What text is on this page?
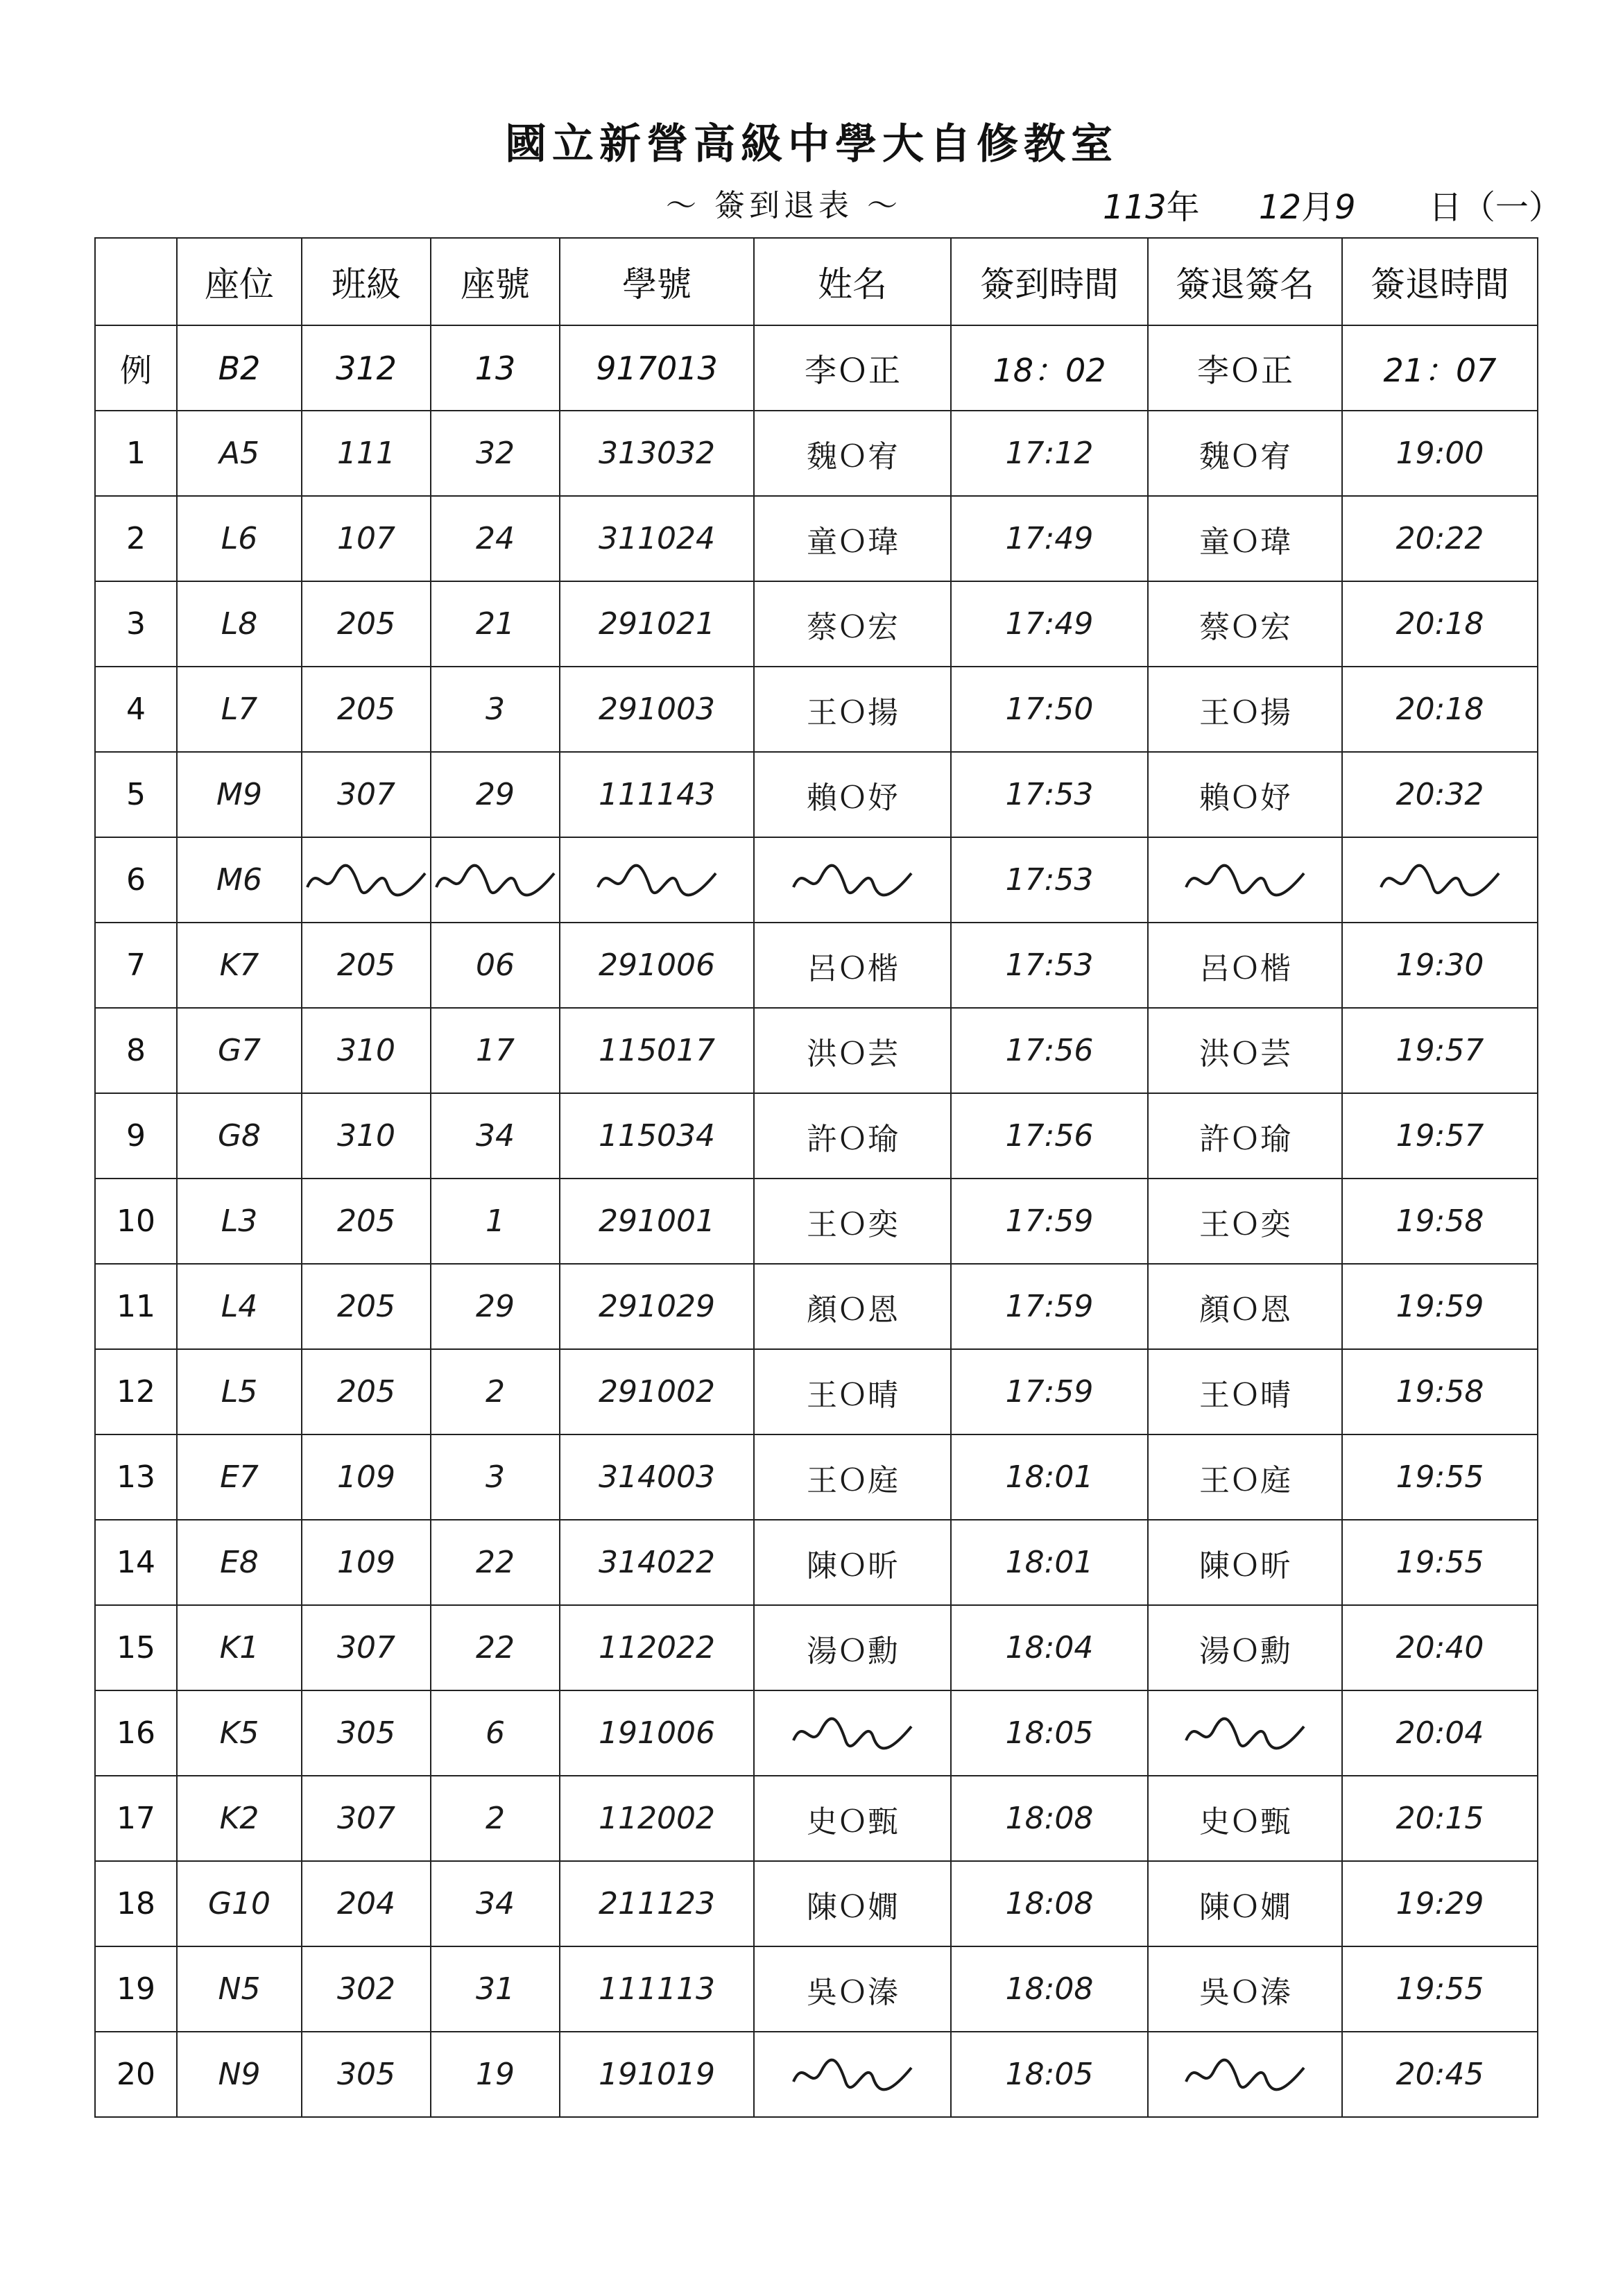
國立新營高級中學大自修教室
～ 簽到退表 ～	113年 12月9 日（一）
	座位	班級	座號	學號	姓名	簽到時間	簽退簽名	簽退時間
例	B2	312	13	917013	李Ｏ正	18：02	李Ｏ正	21：07
1	A5	111	32	313032	魏Ｏ宥	17:12	魏Ｏ宥	19:00
2	L6	107	24	311024	童Ｏ瑋	17:49	童Ｏ瑋	20:22
3	L8	205	21	291021	蔡Ｏ宏	17:49	蔡Ｏ宏	20:18
4	L7	205	3	291003	王Ｏ揚	17:50	王Ｏ揚	20:18
5	M9	307	29	111143	賴Ｏ妤	17:53	賴Ｏ妤	20:32
6	M6					17:53	

7	K7	205	06	291006	呂Ｏ楷	17:53	呂Ｏ楷	19:30
8	G7	310	17	115017	洪Ｏ芸	17:56	洪Ｏ芸	19:57
9	G8	310	34	115034	許Ｏ瑜	17:56	許Ｏ瑜	19:57
10	L3	205	1	291001	王Ｏ奕	17:59	王Ｏ奕	19:58
11	L4	205	29	291029	顏Ｏ恩	17:59	顏Ｏ恩	19:59
12	L5	205	2	291002	王Ｏ晴	17:59	王Ｏ晴	19:58
13	E7	109	3	314003	王Ｏ庭	18:01	王Ｏ庭	19:55
14	E8	109	22	314022	陳Ｏ昕	18:01	陳Ｏ昕	19:55
15	K1	307	22	112022	湯Ｏ勳	18:04	湯Ｏ勳	20:40
16	K5	305	6	191006		18:05		20:04
17	K2	307	2	112002	史Ｏ甄	18:08	史Ｏ甄	20:15
18	G10	204	34	211123	陳Ｏ嫺	18:08	陳Ｏ嫺	19:29
19	N5	302	31	111113	吳Ｏ溱	18:08	吳Ｏ溱	19:55
20	N9	305	19	191019		18:05		20:45
